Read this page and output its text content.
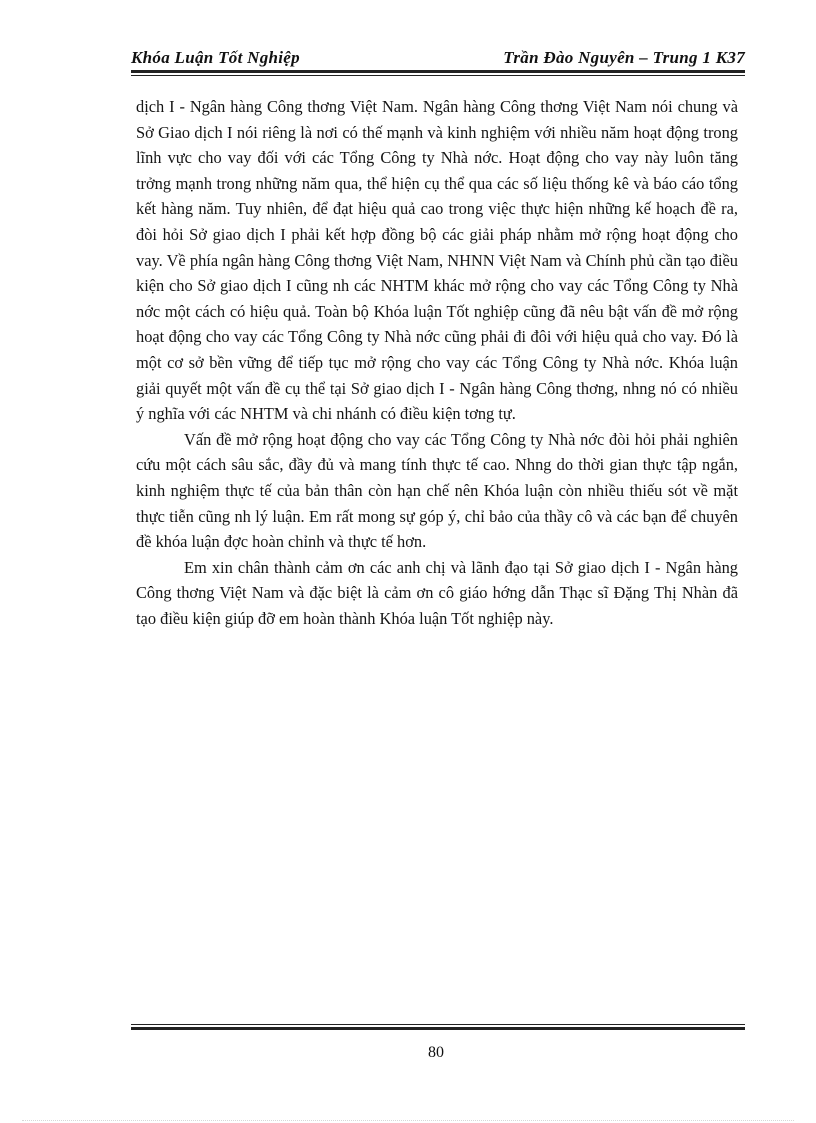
Khóa Luận Tốt Nghiệp	Trần Đào Nguyên – Trung 1 K37

dịch I - Ngân hàng Công thơng Việt Nam. Ngân hàng Công thơng Việt Nam nói chung và Sở Giao dịch I nói riêng là nơi có thế mạnh và kinh nghiệm với nhiều năm hoạt động trong lĩnh vực cho vay đối với các Tổng Công ty Nhà nớc. Hoạt động cho vay này luôn tăng trởng mạnh trong những năm qua, thể hiện cụ thể qua các số liệu thống kê và báo cáo tổng kết hàng năm. Tuy nhiên, để đạt hiệu quả cao trong việc thực hiện những kế hoạch đề ra, đòi hỏi Sở giao dịch I phải kết hợp đồng bộ các giải pháp nhằm mở rộng hoạt động cho vay. Về phía ngân hàng Công thơng Việt Nam, NHNN Việt Nam và Chính phủ cần tạo điều kiện cho Sở giao dịch I cũng nh các NHTM khác mở rộng cho vay các Tổng Công ty Nhà nớc một cách có hiệu quả. Toàn bộ Khóa luận Tốt nghiệp cũng đã nêu bật vấn đề mở rộng hoạt động cho vay các Tổng Công ty Nhà nớc cũng phải đi đôi với hiệu quả cho vay. Đó là một cơ sở bền vững để tiếp tục mở rộng cho vay các Tổng Công ty Nhà nớc. Khóa luận giải quyết một vấn đề cụ thể tại Sở giao dịch I - Ngân hàng Công thơng, nhng nó có nhiều ý nghĩa với các NHTM và chi nhánh có điều kiện tơng tự.

Vấn đề mở rộng hoạt động cho vay các Tổng Công ty Nhà nớc đòi hỏi phải nghiên cứu một cách sâu sắc, đầy đủ và mang tính thực tế cao. Nhng do thời gian thực tập ngắn, kinh nghiệm thực tế của bản thân còn hạn chế nên Khóa luận còn nhiều thiếu sót về mặt thực tiễn cũng nh lý luận. Em rất mong sự góp ý, chỉ bảo của thầy cô và các bạn để chuyên đề khóa luận đợc hoàn chỉnh và thực tế hơn.

Em xin chân thành cảm ơn các anh chị và lãnh đạo tại Sở giao dịch I - Ngân hàng Công thơng Việt Nam và đặc biệt là cảm ơn cô giáo hớng dẫn Thạc sĩ Đặng Thị Nhàn đã tạo điều kiện giúp đỡ em hoàn thành Khóa luận Tốt nghiệp này.

80
